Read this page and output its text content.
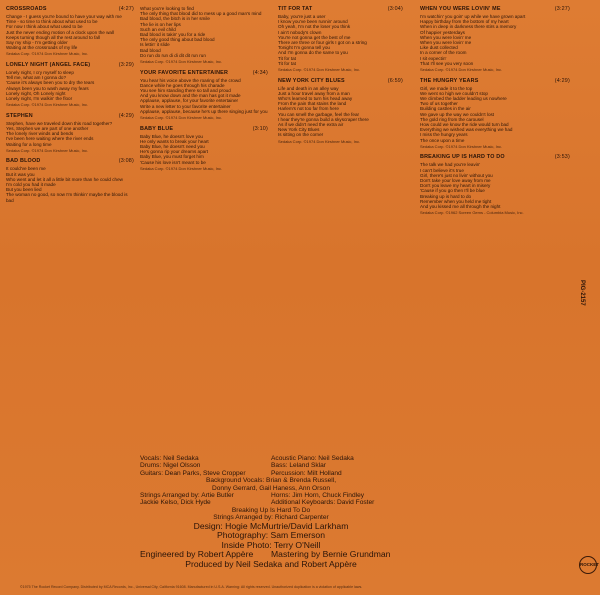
CROSSROADS	(4:27)

Change - I guess you're bound to have your way with me

Time - so time to think about what used to be

For now I think about what used to be

Just the never ending motion of a clock upon the wall

Keeps turning though all the rest around to fall

Say my ship - I'm getting older

Waiting at the crossroads of my life

Sedaka Corp. ©1974 Don Kirshner Music, Inc.
LONELY NIGHT (ANGEL FACE)	(3:29)

Lonely night, I cry myself to sleep

Tell me, what am I gonna do?

'Cause it's always been you to dry the tears

Always been you to wash away my fears

Lonely night, Oh Lonely night

Lonely night, I'm walkin' the floor

Sedaka Corp. ©1974 Don Kirshner Music, Inc.
STEPHEN	(4:29)

Stephen, have we traveled down this road together?

Yes, Stephen we are part of one another

The lonely river winds and bends

I've been here waiting where the river ends

Waiting for a long time

Sedaka Corp. ©1974 Don Kirshner Music, Inc.
BAD BLOOD	(3:08)

It could've been me

But it was you

Who went and let it all a little bit more than he could chew

I'm cold you had it made

But you been lied

The woman no good, so now I'm thinkin' maybe the blood is bad

What you're looking to find

The only thing that blood did to mess up a good man's mind

Bad blood, the bitch is in her smile

The lie is on her lips

Such an evil child

Bad blood is takin' you for a ride

The only good thing about bad blood

Is lettin' it slide

Bad blood

Do run do run di di dit dit run run

Sedaka Corp. ©1974 Don Kirshner Music, Inc.
YOUR FAVORITE ENTERTAINER	(4:34)

You hear his voice above the roaring of the crowd

Dance while he goes through his charade

You see him standing there so tall and proud

And you know down and the man has got it made

Applause, applause, for your favorite entertainer

Write a new letter to your favorite entertainer

Applause, applause, because he's up there singing just for you

Sedaka Corp. ©1974 Don Kirshner Music, Inc.
BABY BLUE	(3:10)

Baby Blue, he doesn't love you

He only wants to break your heart

Baby Blue, he doesn't need you

He's gonna rip your dreams apart

Baby Blue, you must forget him

'Cause his love isn't meant to be

Sedaka Corp. ©1974 Don Kirshner Music, Inc.
TIT FOR TAT	(3:04)

Baby, you're just a user

I know you've been runnin' around

Oh yeah, I'm not the loser you think

I ain't nobody's clown

You're not gonna get the best of me

There are three or four girls I got on a string

Tonight I'm gonna tell you

And I'm gonna do the same to you

Tit for tat

Tit for tat

Sedaka Corp. ©1974 Don Kirshner Music, Inc.
NEW YORK CITY BLUES	(6:59)

Life and death in an alley way

Just a hour travel away from a man

Who's learned to turn his head away

From the pain that stains the land

Harlem's not too far from here

You can smell the garbage, feel the fear

I hear they're gonna build a skyscraper there

As if we didn't need the extra air

New York City Blues

Is sitting on the corner

Sedaka Corp. ©1974 Don Kirshner Music, Inc.
WHEN YOU WERE LOVIN' ME	(3:27)

I'm watchin' you goin' up while we have grown apart

Happy birthday from the bottom of my heart

When in deep in darkness there stirs a memory

Of happier yesterdays

When you were lovin' me

When you were lovin' me

Like dust collected

In a corner of the room

I sit expectin'

That I'll see you very soon

Sedaka Corp. ©1974 Don Kirshner Music, Inc.
THE HUNGRY YEARS	(4:29)

Girl, we made it to the top

We went so high we couldn't stop

We climbed the ladder leading us nowhere

Two of us together

Building castles in the air

We gave up the way we couldn't lost

The gold ring from the carousel

How could we know the ride would turn bad

Everything we wished was everything we had

I miss the hungry years

The once upon a time

Sedaka Corp. ©1974 Don Kirshner Music, Inc.
BREAKING UP IS HARD TO DO	(3:53)

The talk we had you're leavin'

I can't believe it's true

Girl, there's just no livin' without you

Don't take your love away from me

Don't you leave my heart in misery

'Cause if you go then I'll be blue

Breaking up is hard to do

Remember when you held me tight

And you kissed me all through the night

Sedaka Corp. ©1962 Screen Gems - Columbia Music, Inc.
Vocals: Neil Sedaka	Acoustic Piano: Neil Sedaka
Drums: Nigel Olsson	Bass: Leland Sklar
Guitars: Dean Parks, Steve Cropper	Percussion: Milt Holland
Background Vocals: Brian & Brenda Russell,
Donny Gerrard, Gail Haness, Ann Orson
Strings Arranged by: Artie Butler	Horns: Jim Horn, Chuck Findley
Jackie Kelso, Dick Hyde	Additional Keyboards: David Foster
Breaking Up Is Hard To Do
Strings Arranged by: Richard Carpenter
Design: Hogie McMurtrie/David Larkham
Photography: Sam Emerson
Inside Photo: Terry O'Neill
Engineered by Robert Appère	Mastering by Bernie Grundman
Produced by Neil Sedaka and Robert Appère
©1975 The Rocket Record Company. Distributed by MCA Records, Inc., Universal City, California 91608. Manufactured in U.S.A. Warning: All rights reserved. Unauthorized duplication is a violation of applicable laws.
ROCKET
PIG-2157
